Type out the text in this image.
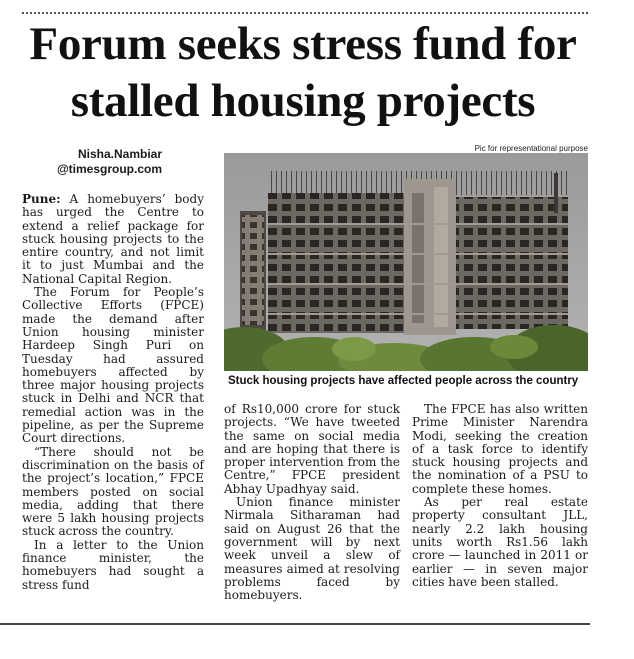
Forum seeks stress fund for
stalled housing projects
Nisha.Nambiar
@timesgroup.com
Pic for representational purpose
Stuck housing projects have affected people across the country

Pune: A homebuyers’ body has urged the Centre to extend a relief package for stuck housing projects to the entire country, and not limit it to just Mumbai and the National Capital Region.

The Forum for People’s Collective Efforts (FPCE) made the demand after Union housing minister Hardeep Singh Puri on Tuesday had assured homebuyers affected by three major housing projects stuck in Delhi and NCR that remedial action was in the pipeline, as per the Supreme Court directions.

“There should not be discrimination on the basis of the project’s location,” FPCE members posted on social media, adding that there were 5 lakh housing projects stuck across the country.

In a letter to the Union finance minister, the homebuyers had sought a stress fund

of Rs10,000 crore for stuck projects. “We have tweeted the same on social media and are hoping that there is proper intervention from the Centre,” FPCE president Abhay Upadhyay said.

Union finance minister Nirmala Sitharaman had said on August 26 that the government will by next week unveil a slew of measures aimed at resolving problems faced by homebuyers.

The FPCE has also written Prime Minister Narendra Modi, seeking the creation of a task force to identify stuck housing projects and the nomination of a PSU to complete these homes.

As per real estate property consultant JLL, nearly 2.2 lakh housing units worth Rs1.56 lakh crore — launched in 2011 or earlier — in seven major cities have been stalled.
